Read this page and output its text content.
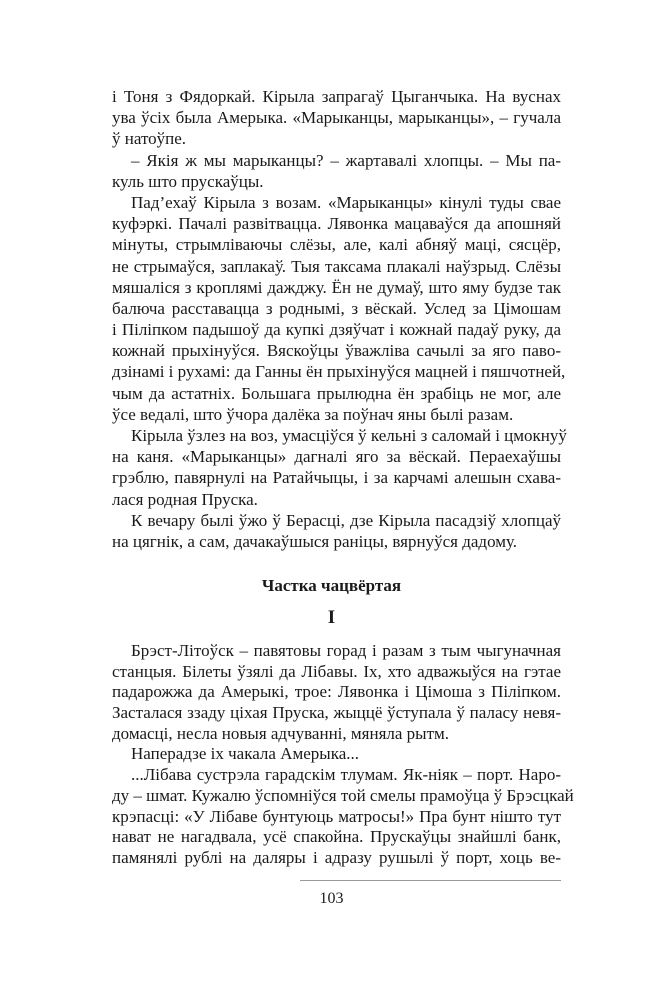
і Тоня з Фядоркай. Кірыла запрагаў Цыганчыка. На вуснах
ува ўсіх была Амерыка. «Марыканцы, марыканцы», – гучала
ў натоўпе.
– Якія ж мы марыканцы? – жартавалі хлопцы. – Мы па-
куль што прускаўцы.
Пад’ехаў Кірыла з возам. «Марыканцы» кінулі туды свае
куфэркі. Пачалі развітвацца. Лявонка мацаваўся да апошняй
мінуты, стрымліваючы слёзы, але, калі абняў маці, сясцёр,
не стрымаўся, заплакаў. Тыя таксама плакалі наўзрыд. Слёзы
мяшаліся з кроплямі дажджу. Ён не думаў, што яму будзе так
балюча расставацца з роднымі, з вёскай. Услед за Цімошам
і Піліпком падышоў да купкі дзяўчат і кожнай падаў руку, да
кожнай прыхінуўся. Вяскоўцы ўважліва сачылі за яго паво-
дзінамі і рухамі: да Ганны ён прыхінуўся мацней і пяшчотней,
чым да астатніх. Большага прылюдна ён зрабіць не мог, але
ўсе ведалі, што ўчора далёка за поўнач яны былі разам.
Кірыла ўзлез на воз, умасціўся ў кельні з саломай і цмокнуў
на каня. «Марыканцы» дагналі яго за вёскай. Пераехаўшы
грэблю, павярнулі на Ратайчыцы, і за карчамі алешын схава-
лася родная Пруска.
К вечару былі ўжо ў Берасці, дзе Кірыла пасадзіў хлопцаў
на цягнік, а сам, дачакаўшыся раніцы, вярнуўся дадому.
Частка чацвёртая
I
Брэст-Літоўск – павятовы горад і разам з тым чыгуначная
станцыя. Білеты ўзялі да Лібавы. Іх, хто адважыўся на гэтае
падарожжа да Амерыкі, трое: Лявонка і Цімоша з Піліпком.
Засталася ззаду ціхая Пруска, жыццё ўступала ў паласу невя-
домасці, несла новыя адчуванні, мяняла рытм.
Наперадзе іх чакала Амерыка...
...Лібава сустрэла гарадскім тлумам. Як-ніяк – порт. Наро-
ду – шмат. Кужалю ўспомніўся той смелы прамоўца ў Брэсцкай
крэпасці: «У Лібаве бунтуюць матросы!» Пра бунт нішто тут
нават не нагадвала, усё спакойна. Прускаўцы знайшлі банк,
памянялі рублі на даляры і адразу рушылі ў порт, хоць ве-
103
